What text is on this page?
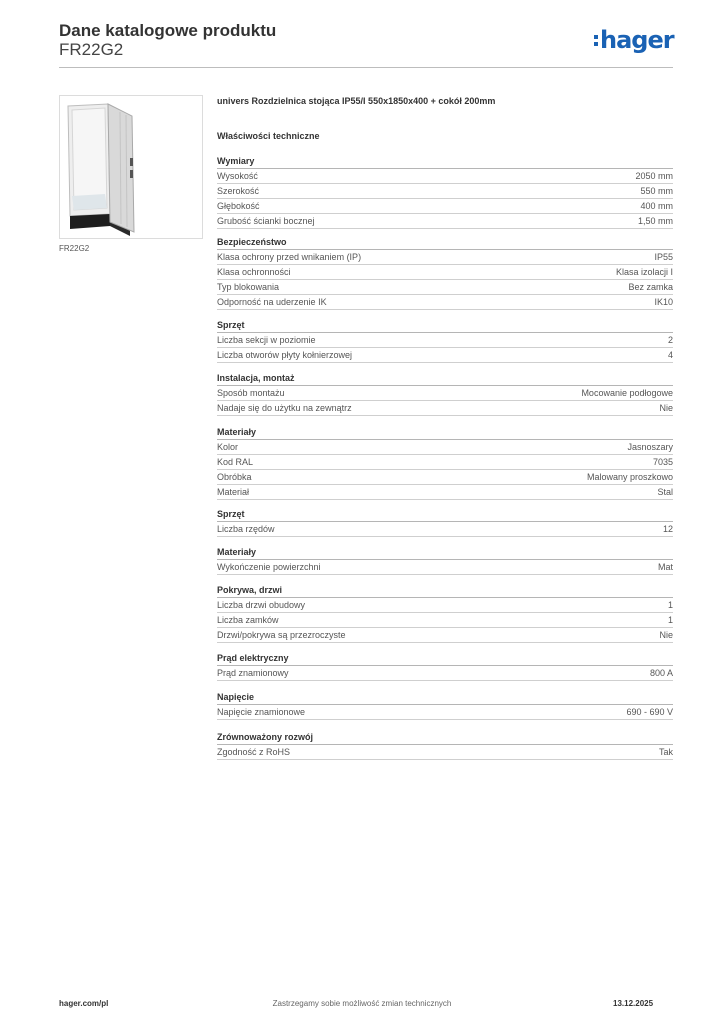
Dane katalogowe produktu
FR22G2	hager
FR22G2
univers Rozdzielnica stojąca IP55/I 550x1850x400 + cokół 200mm
Właściwości techniczne
Wymiary
Wysokość	2050 mm
Szerokość	550 mm
Głębokość	400 mm
Grubość ścianki bocznej	1,50 mm
Bezpieczeństwo
Klasa ochrony przed wnikaniem (IP)	IP55
Klasa ochronności	Klasa izolacji I
Typ blokowania	Bez zamka
Odporność na uderzenie IK	IK10
Sprzęt
Liczba sekcji w poziomie	2
Liczba otworów płyty kołnierzowej	4
Instalacja, montaż
Sposób montażu	Mocowanie podłogowe
Nadaje się do użytku na zewnątrz	Nie
Materiały
Kolor	Jasnoszary
Kod RAL	7035
Obróbka	Malowany proszkowo
Materiał	Stal
Sprzęt
Liczba rzędów	12
Materiały
Wykończenie powierzchni	Mat
Pokrywa, drzwi
Liczba drzwi obudowy	1
Liczba zamków	1
Drzwi/pokrywa są przezroczyste	Nie
Prąd elektryczny
Prąd znamionowy	800 A
Napięcie
Napięcie znamionowe	690 - 690 V
Zrównoważony rozwój
Zgodność z RoHS	Tak
hager.com/pl	Zastrzegamy sobie możliwość zmian technicznych	13.12.2025
